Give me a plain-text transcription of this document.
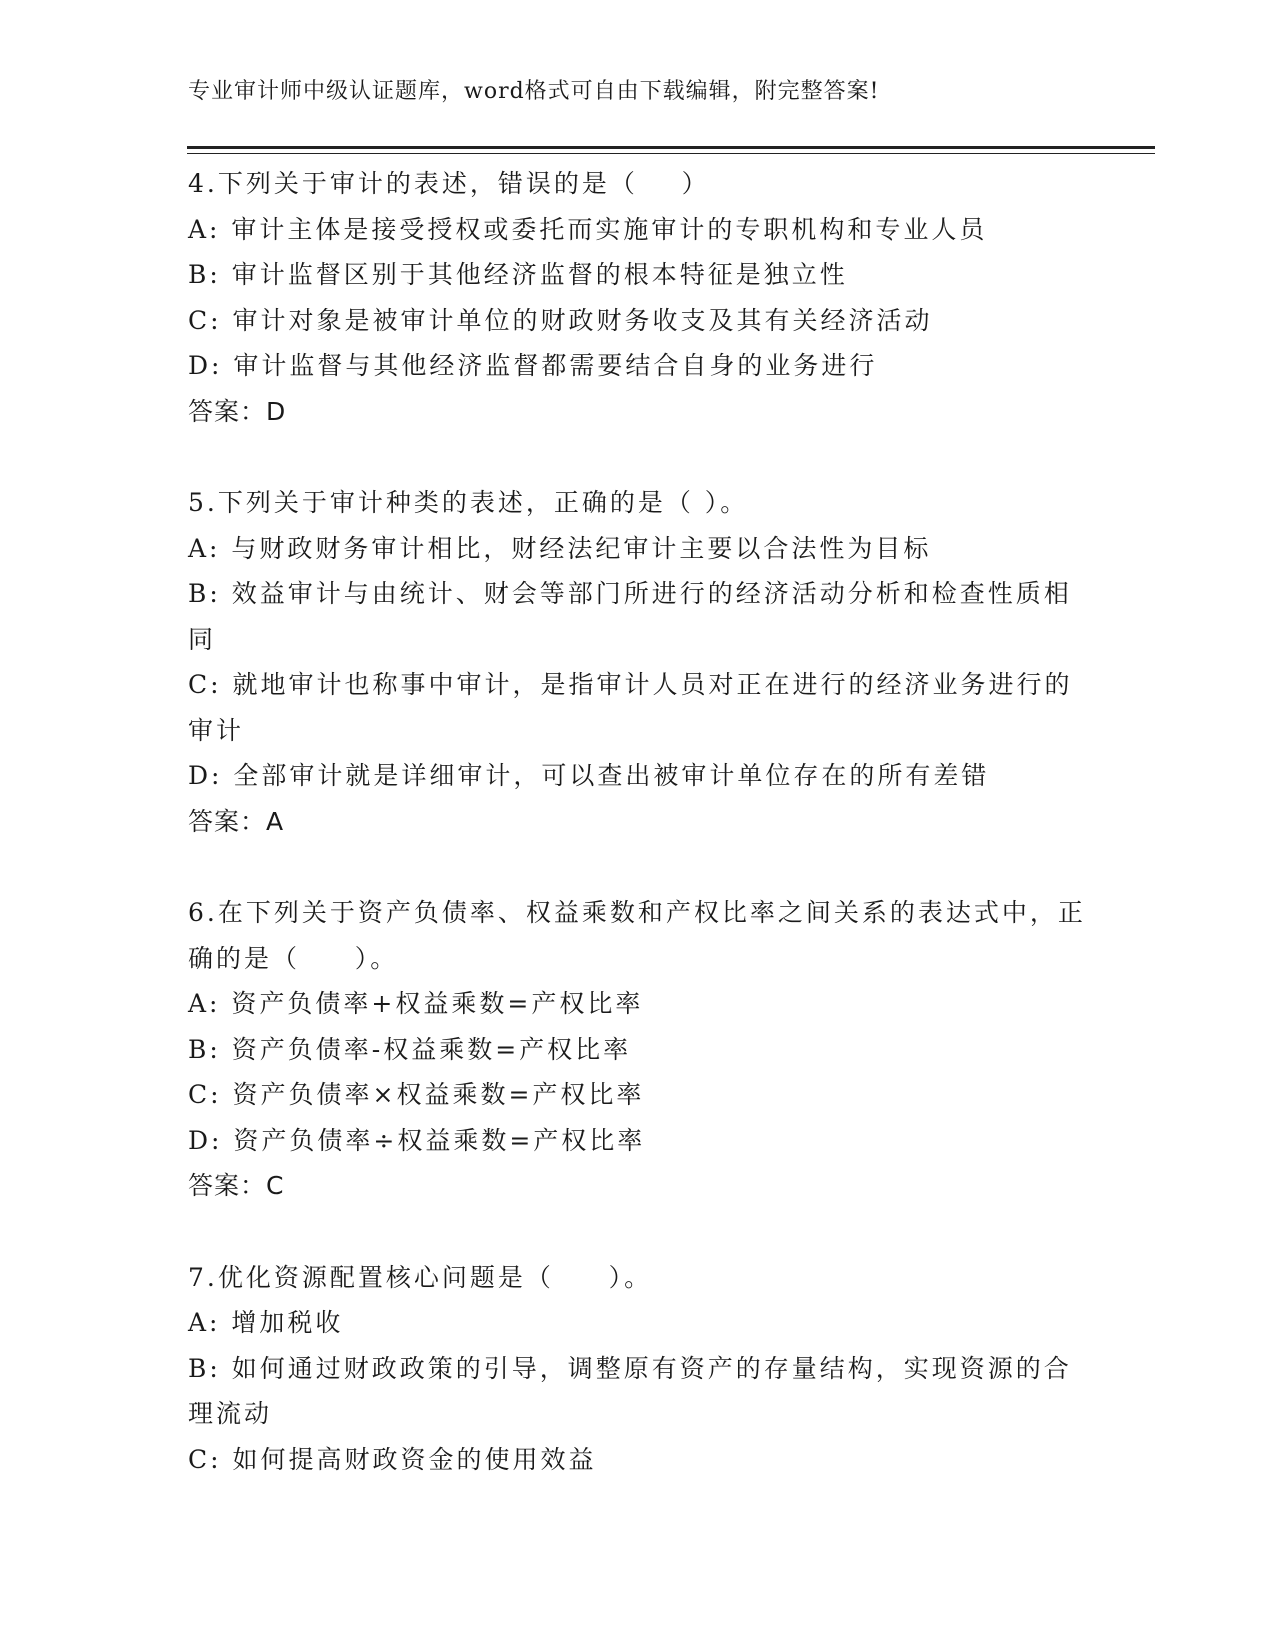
专业审计师中级认证题库，word格式可自由下载编辑，附完整答案!

4.下列关于审计的表述，错误的是（    ）

A: 审计主体是接受授权或委托而实施审计的专职机构和专业人员

B: 审计监督区别于其他经济监督的根本特征是独立性

C: 审计对象是被审计单位的财政财务收支及其有关经济活动

D: 审计监督与其他经济监督都需要结合自身的业务进行

答案：D

5.下列关于审计种类的表述，正确的是（ ）。

A: 与财政财务审计相比，财经法纪审计主要以合法性为目标

B: 效益审计与由统计、财会等部门所进行的经济活动分析和检查性质相同

C: 就地审计也称事中审计，是指审计人员对正在进行的经济业务进行的审计

D: 全部审计就是详细审计，可以查出被审计单位存在的所有差错

答案：A

6.在下列关于资产负债率、权益乘数和产权比率之间关系的表达式中，正确的是（     ）。

A: 资产负债率+权益乘数=产权比率

B: 资产负债率-权益乘数=产权比率

C: 资产负债率×权益乘数=产权比率

D: 资产负债率÷权益乘数=产权比率

答案：C

7.优化资源配置核心问题是（     ）。

A: 增加税收

B: 如何通过财政政策的引导，调整原有资产的存量结构，实现资源的合理流动

C: 如何提高财政资金的使用效益
